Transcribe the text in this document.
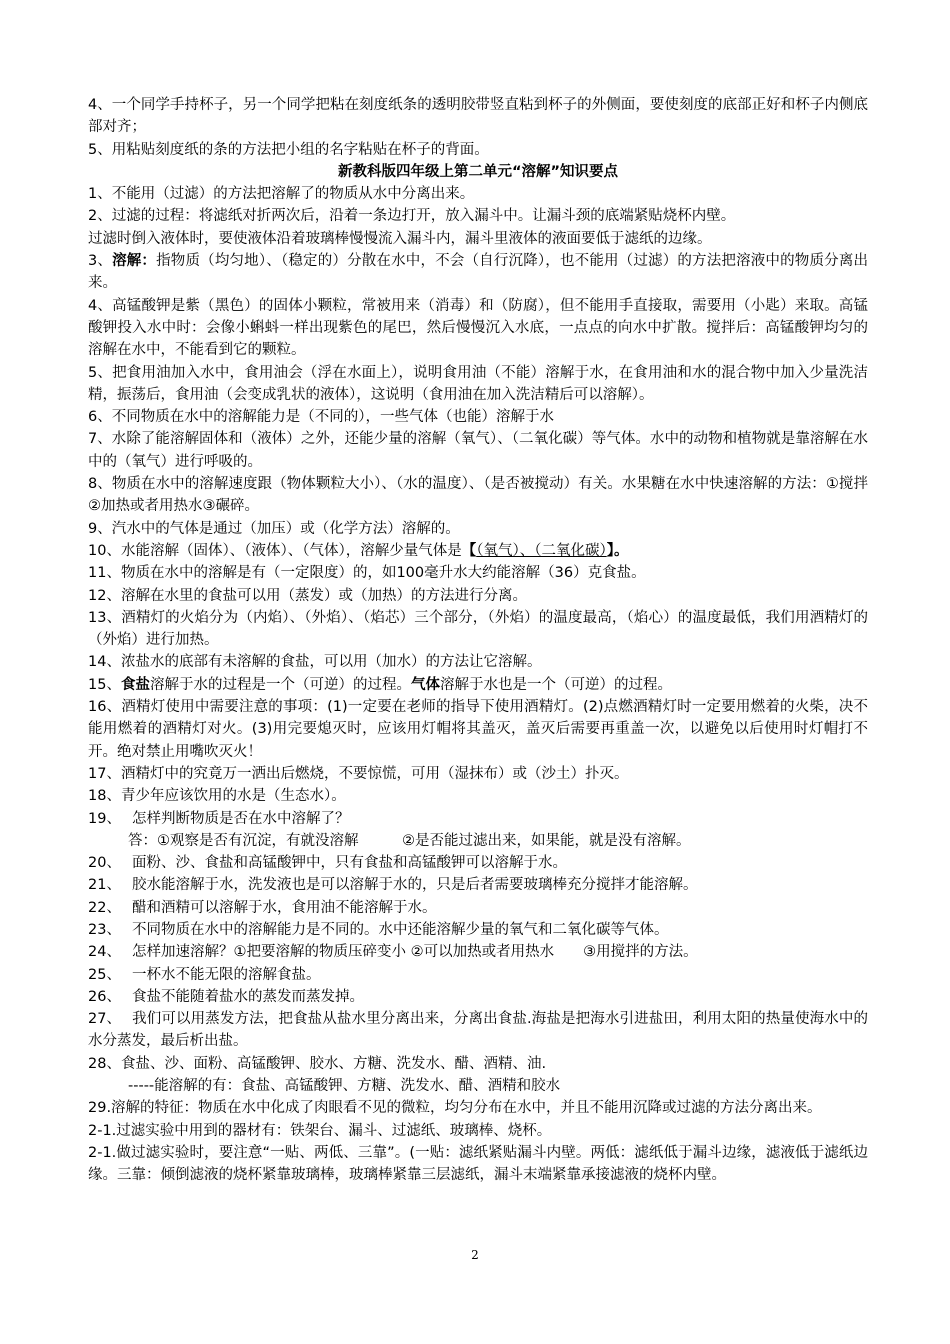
4、一个同学手持杯子，另一个同学把粘在刻度纸条的透明胶带竖直粘到杯子的外侧面，要使刻度的底部正好和杯子内侧底部对齐；

5、用粘贴刻度纸的条的方法把小组的名字粘贴在杯子的背面。

新教科版四年级上第二单元“溶解”知识要点

1、不能用（过滤）的方法把溶解了的物质从水中分离出来。

2、过滤的过程：将滤纸对折两次后，沿着一条边打开，放入漏斗中。让漏斗颈的底端紧贴烧杯内壁。

过滤时倒入液体时，要使液体沿着玻璃棒慢慢流入漏斗内，漏斗里液体的液面要低于滤纸的边缘。

3、溶解：指物质（均匀地）、（稳定的）分散在水中，不会（自行沉降），也不能用（过滤）的方法把溶液中的物质分离出来。

4、高锰酸钾是紫（黑色）的固体小颗粒，常被用来（消毒）和（防腐），但不能用手直接取，需要用（小匙）来取。高锰酸钾投入水中时：会像小蝌蚪一样出现紫色的尾巴，然后慢慢沉入水底，一点点的向水中扩散。搅拌后：高锰酸钾均匀的溶解在水中，不能看到它的颗粒。

5、把食用油加入水中，食用油会（浮在水面上），说明食用油（不能）溶解于水，在食用油和水的混合物中加入少量洗洁精，振荡后，食用油（会变成乳状的液体），这说明（食用油在加入洗洁精后可以溶解）。

6、不同物质在水中的溶解能力是（不同的），一些气体（也能）溶解于水

7、水除了能溶解固体和（液体）之外，还能少量的溶解（氧气）、（二氧化碳）等气体。水中的动物和植物就是靠溶解在水中的（氧气）进行呼吸的。

8、物质在水中的溶解速度跟（物体颗粒大小）、（水的温度）、（是否被搅动）有关。水果糖在水中快速溶解的方法：①搅拌②加热或者用热水③碾碎。

9、汽水中的气体是通过（加压）或（化学方法）溶解的。

10、水能溶解（固体）、（液体）、（气体），溶解少量气体是【（氧气）、（二氧化碳）】。

11、物质在水中的溶解是有（一定限度）的，如100毫升水大约能溶解（36）克食盐。

12、溶解在水里的食盐可以用（蒸发）或（加热）的方法进行分离。

13、酒精灯的火焰分为（内焰）、（外焰）、（焰芯）三个部分，（外焰）的温度最高，（焰心）的温度最低，我们用酒精灯的（外焰）进行加热。

14、浓盐水的底部有未溶解的食盐，可以用（加水）的方法让它溶解。

15、食盐溶解于水的过程是一个（可逆）的过程。气体溶解于水也是一个（可逆）的过程。

16、酒精灯使用中需要注意的事项：(1)一定要在老师的指导下使用酒精灯。(2)点燃酒精灯时一定要用燃着的火柴，决不能用燃着的酒精灯对火。(3)用完要熄灭时，应该用灯帽将其盖灭，盖灭后需要再重盖一次，以避免以后使用时灯帽打不开。绝对禁止用嘴吹灭火！

17、酒精灯中的究竟万一洒出后燃烧，不要惊慌，可用（湿抹布）或（沙土）扑灭。

18、青少年应该饮用的水是（生态水）。

19、 怎样判断物质是否在水中溶解了？

答：①观察是否有沉淀，有就没溶解　　　②是否能过滤出来，如果能，就是没有溶解。

20、 面粉、沙、食盐和高锰酸钾中，只有食盐和高锰酸钾可以溶解于水。

21、 胶水能溶解于水，洗发液也是可以溶解于水的，只是后者需要玻璃棒充分搅拌才能溶解。

22、 醋和酒精可以溶解于水，食用油不能溶解于水。

23、 不同物质在水中的溶解能力是不同的。水中还能溶解少量的氧气和二氧化碳等气体。

24、 怎样加速溶解？①把要溶解的物质压碎变小 ②可以加热或者用热水　　③用搅拌的方法。

25、 一杯水不能无限的溶解食盐。

26、 食盐不能随着盐水的蒸发而蒸发掉。

27、 我们可以用蒸发方法，把食盐从盐水里分离出来，分离出食盐.海盐是把海水引进盐田，利用太阳的热量使海水中的水分蒸发，最后析出盐。

28、食盐、沙、面粉、高锰酸钾、胶水、方糖、洗发水、醋、酒精、油.

-----能溶解的有：食盐、高锰酸钾、方糖、洗发水、醋、酒精和胶水

29.溶解的特征：物质在水中化成了肉眼看不见的微粒，均匀分布在水中，并且不能用沉降或过滤的方法分离出来。

2-1.过滤实验中用到的器材有：铁架台、漏斗、过滤纸、玻璃棒、烧杯。

2-1.做过滤实验时，要注意“一贴、两低、三靠”。(一贴：滤纸紧贴漏斗内壁。两低：滤纸低于漏斗边缘，滤液低于滤纸边缘。三靠：倾倒滤液的烧杯紧靠玻璃棒，玻璃棒紧靠三层滤纸，漏斗末端紧靠承接滤液的烧杯内壁。

2
